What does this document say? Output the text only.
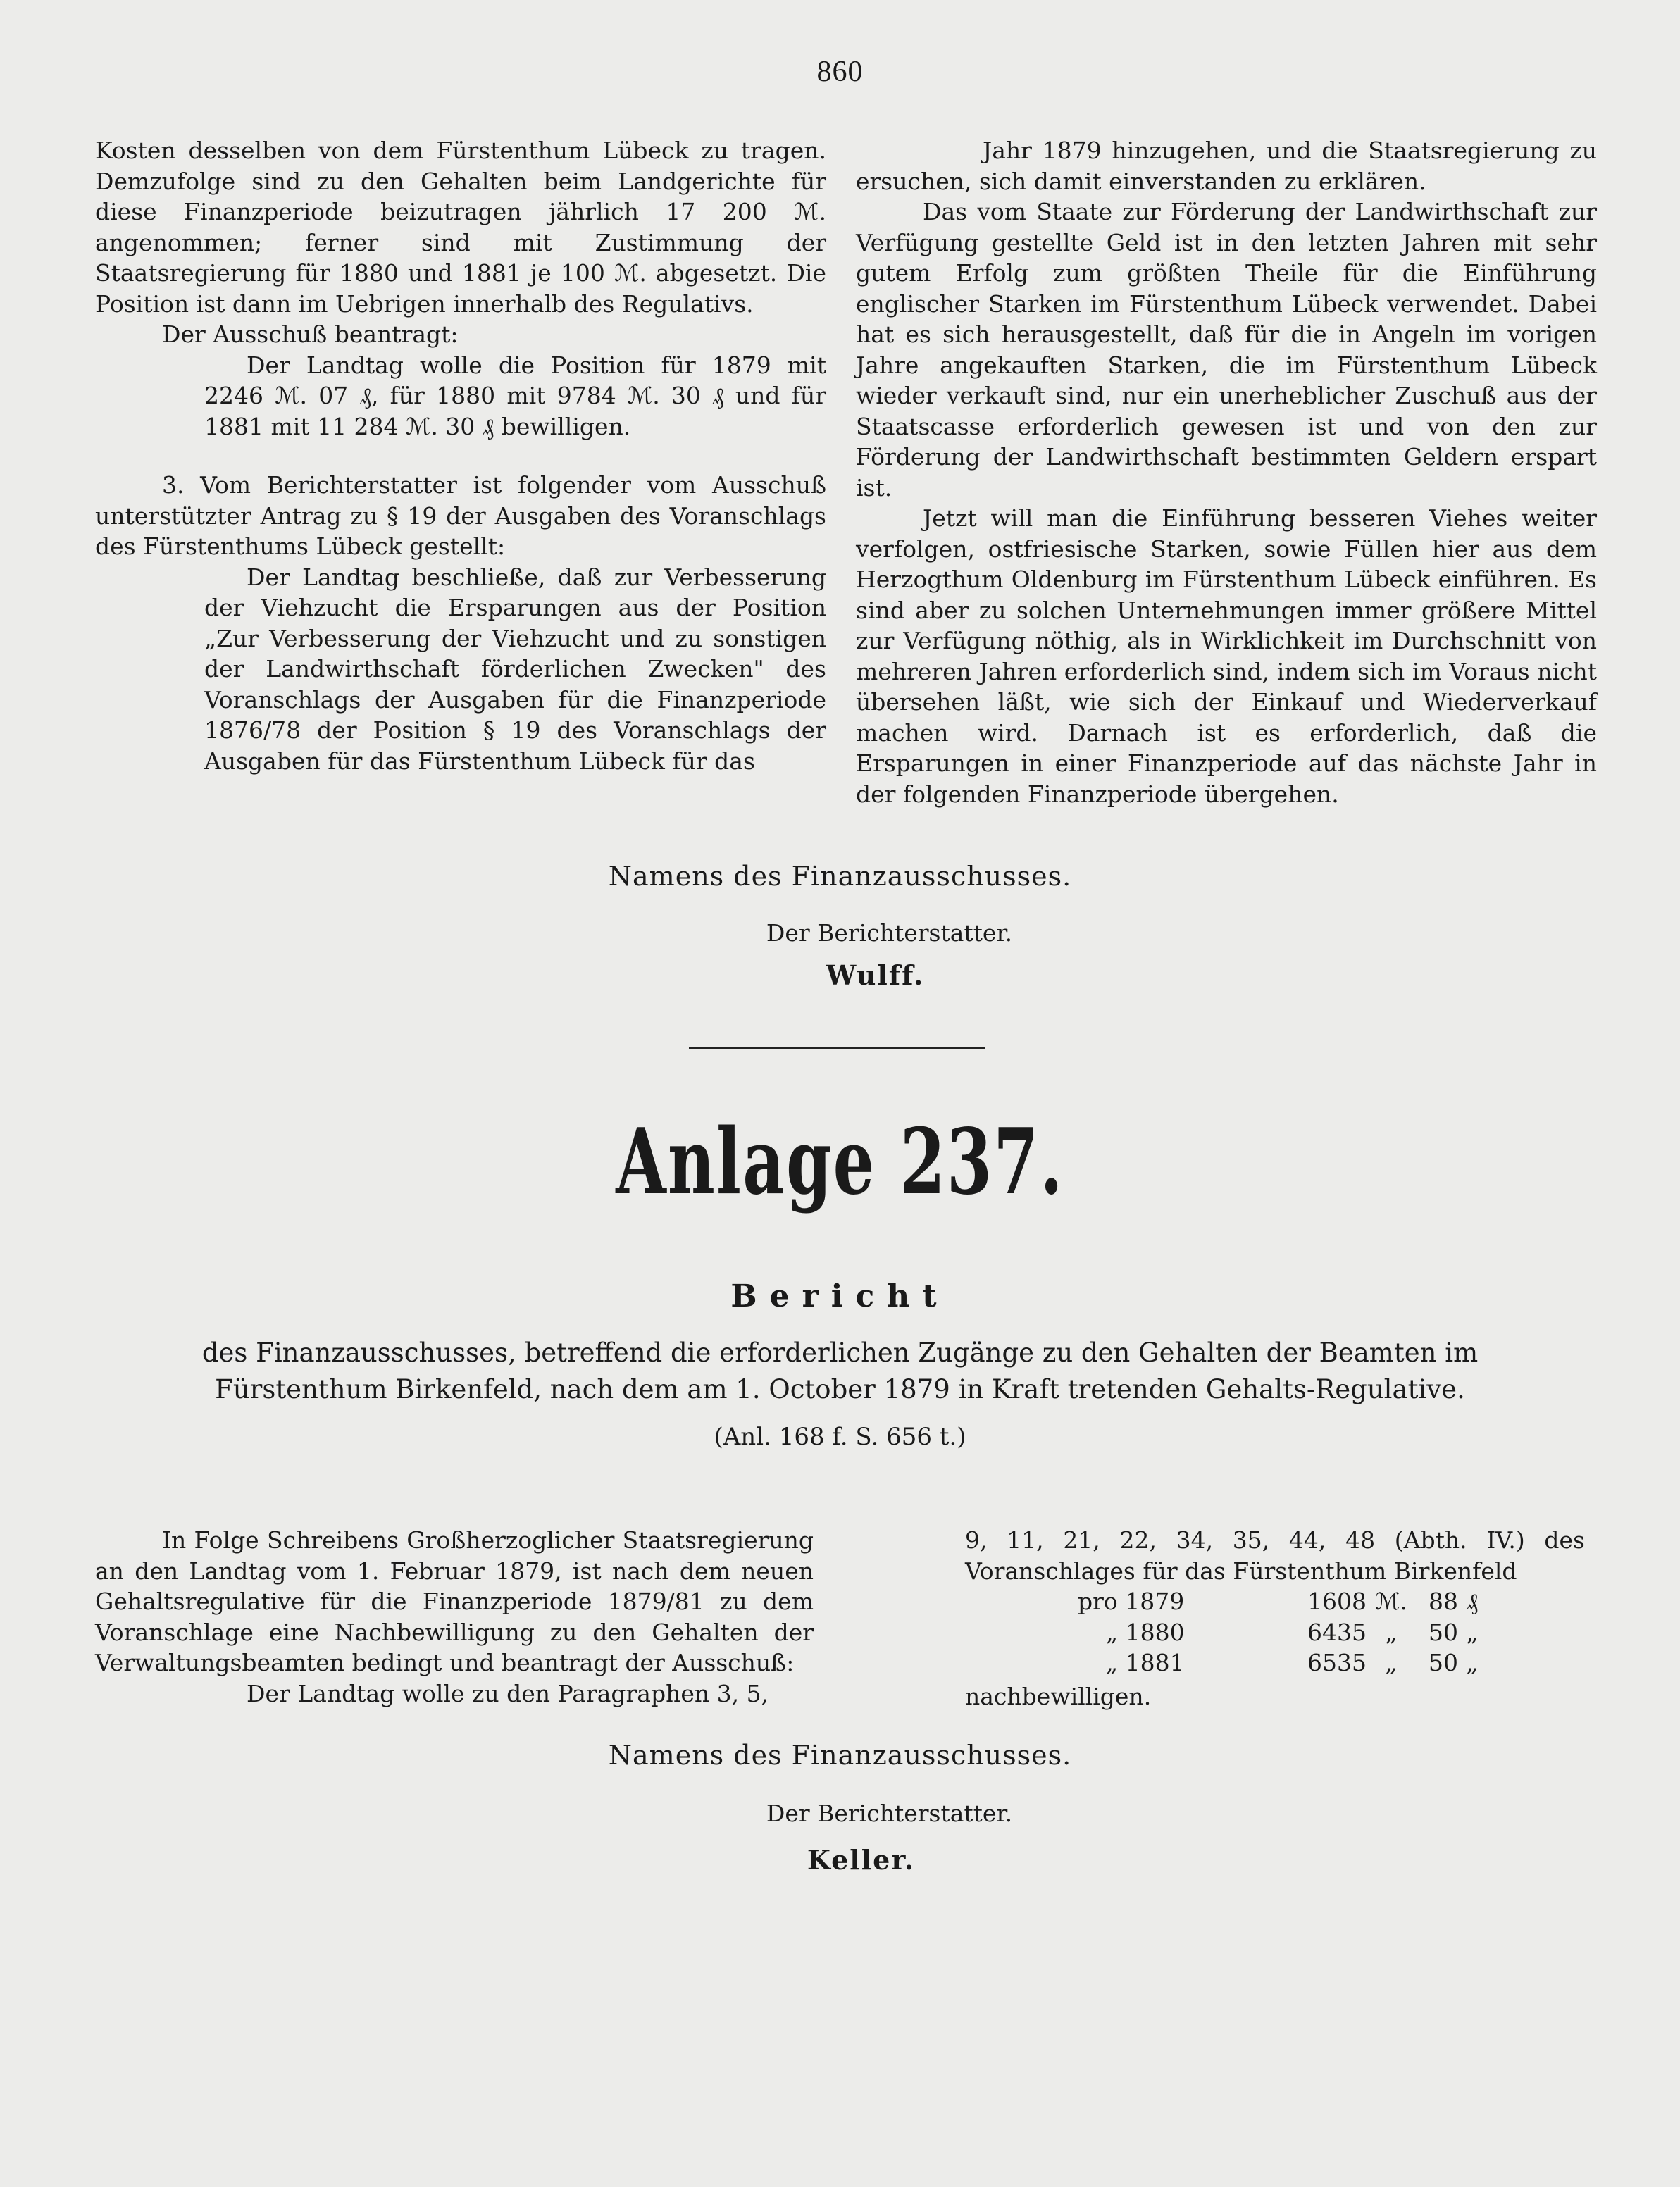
860

Kosten desselben von dem Fürstenthum Lübeck zu tragen. Demzufolge sind zu den Gehalten beim Landgerichte für diese Finanzperiode beizutragen jährlich 17 200 ℳ. angenommen; ferner sind mit Zustimmung der Staatsregierung für 1880 und 1881 je 100 ℳ. abgesetzt. Die Position ist dann im Uebrigen innerhalb des Regulativs.

Der Ausschuß beantragt:

Der Landtag wolle die Position für 1879 mit 2246 ℳ. 07 ₰, für 1880 mit 9784 ℳ. 30 ₰ und für 1881 mit 11 284 ℳ. 30 ₰ bewilligen.

3. Vom Berichterstatter ist folgender vom Ausschuß unterstützter Antrag zu § 19 der Ausgaben des Voranschlags des Fürstenthums Lübeck gestellt:

Der Landtag beschließe, daß zur Verbesserung der Viehzucht die Ersparungen aus der Position „Zur Verbesserung der Viehzucht und zu sonstigen der Landwirthschaft förderlichen Zwecken" des Voranschlags der Ausgaben für die Finanzperiode 1876/78 der Position § 19 des Voranschlags der Ausgaben für das Fürstenthum Lübeck für das

Jahr 1879 hinzugehen, und die Staatsregierung zu ersuchen, sich damit einverstanden zu erklären.

Das vom Staate zur Förderung der Landwirthschaft zur Verfügung gestellte Geld ist in den letzten Jahren mit sehr gutem Erfolg zum größten Theile für die Einführung englischer Starken im Fürstenthum Lübeck verwendet. Dabei hat es sich herausgestellt, daß für die in Angeln im vorigen Jahre angekauften Starken, die im Fürstenthum Lübeck wieder verkauft sind, nur ein unerheblicher Zuschuß aus der Staatscasse erforderlich gewesen ist und von den zur Förderung der Landwirthschaft bestimmten Geldern erspart ist.

Jetzt will man die Einführung besseren Viehes weiter verfolgen, ostfriesische Starken, sowie Füllen hier aus dem Herzogthum Oldenburg im Fürstenthum Lübeck einführen. Es sind aber zu solchen Unternehmungen immer größere Mittel zur Verfügung nöthig, als in Wirklichkeit im Durchschnitt von mehreren Jahren erforderlich sind, indem sich im Voraus nicht übersehen läßt, wie sich der Einkauf und Wiederverkauf machen wird. Darnach ist es erforderlich, daß die Ersparungen in einer Finanzperiode auf das nächste Jahr in der folgenden Finanzperiode übergehen.

Namens des Finanzausschusses.
Der Berichterstatter.
Wulff.
Anlage 237.
Bericht
des Finanzausschusses, betreffend die erforderlichen Zugänge zu den Gehalten der Beamten im Fürstenthum Birkenfeld, nach dem am 1. October 1879 in Kraft tretenden Gehalts-Regulative.
(Anl. 168 f. S. 656 t.)

In Folge Schreibens Großherzoglicher Staatsregierung an den Landtag vom 1. Februar 1879, ist nach dem neuen Gehaltsregulative für die Finanzperiode 1879/81 zu dem Voranschlage eine Nachbewilligung zu den Gehalten der Verwaltungsbeamten bedingt und beantragt der Ausschuß:

Der Landtag wolle zu den Paragraphen 3, 5,

9, 11, 21, 22, 34, 35, 44, 48 (Abth. IV.) des Voranschlages für das Fürstenthum Birkenfeld

pro 1879	1608	ℳ.	88	₰
„ 1880	6435	„	50	„
„ 1881	6535	„	50	„

nachbewilligen.

Namens des Finanzausschusses.
Der Berichterstatter.
Keller.
